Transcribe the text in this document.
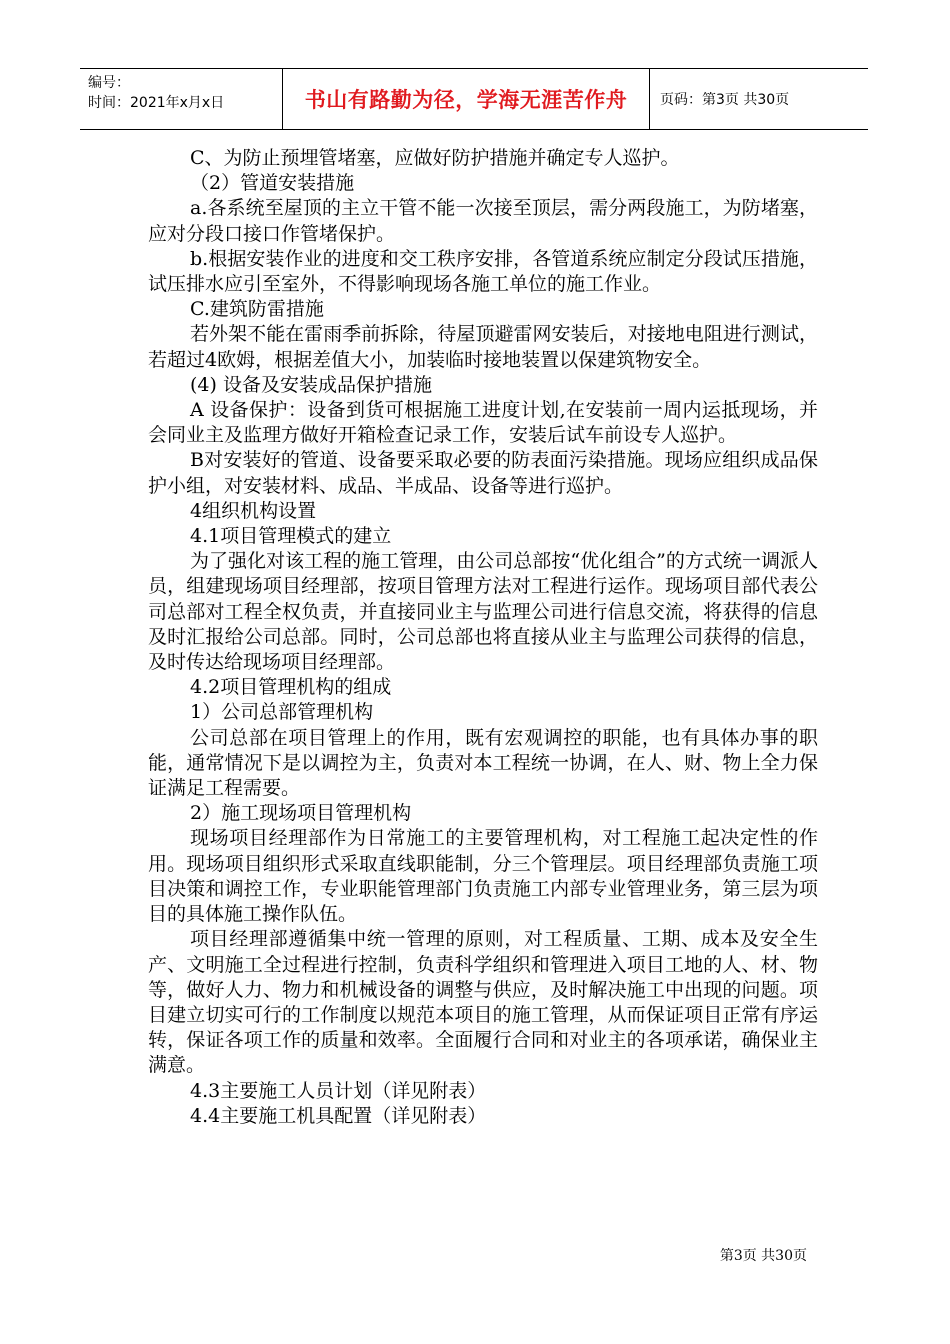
编号：
时间：2021年x月x日	书山有路勤为径，学海无涯苦作舟 页码：第3页 共30页

C、为防止预埋管堵塞，应做好防护措施并确定专人巡护。

（2）管道安装措施

a.各系统至屋顶的主立干管不能一次接至顶层，需分两段施工，为防堵塞，应对分段口接口作管堵保护。

b.根据安装作业的进度和交工秩序安排，各管道系统应制定分段试压措施，试压排水应引至室外，不得影响现场各施工单位的施工作业。

C.建筑防雷措施

若外架不能在雷雨季前拆除，待屋顶避雷网安装后，对接地电阻进行测试，若超过4欧姆，根据差值大小，加装临时接地装置以保建筑物安全。

(4) 设备及安装成品保护措施

A 设备保护：设备到货可根据施工进度计划,在安装前一周内运抵现场，并会同业主及监理方做好开箱检查记录工作，安装后试车前设专人巡护。

B对安装好的管道、设备要采取必要的防表面污染措施。现场应组织成品保护小组，对安装材料、成品、半成品、设备等进行巡护。

4组织机构设置

4.1项目管理模式的建立

为了强化对该工程的施工管理，由公司总部按“优化组合”的方式统一调派人员，组建现场项目经理部，按项目管理方法对工程进行运作。现场项目部代表公司总部对工程全权负责，并直接同业主与监理公司进行信息交流，将获得的信息及时汇报给公司总部。同时，公司总部也将直接从业主与监理公司获得的信息，及时传达给现场项目经理部。

4.2项目管理机构的组成

1）公司总部管理机构

公司总部在项目管理上的作用，既有宏观调控的职能，也有具体办事的职能，通常情况下是以调控为主，负责对本工程统一协调，在人、财、物上全力保证满足工程需要。

2）施工现场项目管理机构

现场项目经理部作为日常施工的主要管理机构，对工程施工起决定性的作用。现场项目组织形式采取直线职能制，分三个管理层。项目经理部负责施工项目决策和调控工作，专业职能管理部门负责施工内部专业管理业务，第三层为项目的具体施工操作队伍。

项目经理部遵循集中统一管理的原则，对工程质量、工期、成本及安全生产、文明施工全过程进行控制，负责科学组织和管理进入项目工地的人、材、物等，做好人力、物力和机械设备的调整与供应，及时解决施工中出现的问题。项目建立切实可行的工作制度以规范本项目的施工管理，从而保证项目正常有序运转，保证各项工作的质量和效率。全面履行合同和对业主的各项承诺，确保业主满意。

4.3主要施工人员计划（详见附表）

4.4主要施工机具配置（详见附表）

第3页 共30页
